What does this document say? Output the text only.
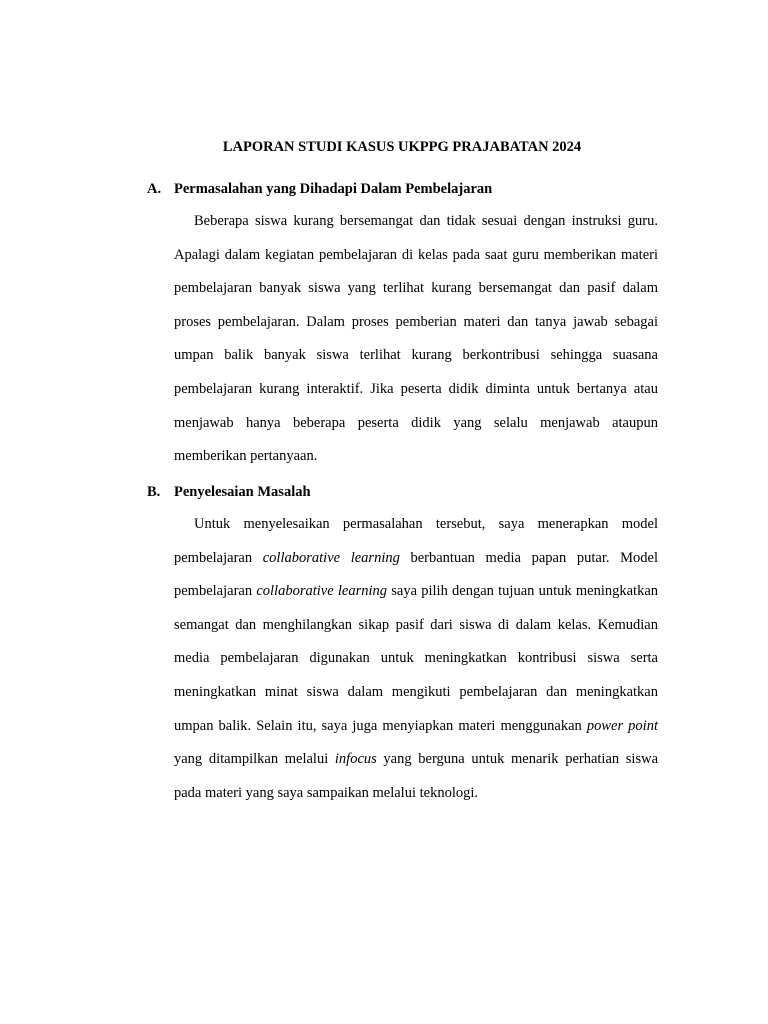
LAPORAN STUDI KASUS UKPPG PRAJABATAN 2024
A. Permasalahan yang Dihadapi Dalam Pembelajaran

Beberapa siswa kurang bersemangat dan tidak sesuai dengan instruksi guru. Apalagi dalam kegiatan pembelajaran di kelas pada saat guru memberikan materi pembelajaran banyak siswa yang terlihat kurang bersemangat dan pasif dalam proses pembelajaran. Dalam proses pemberian materi dan tanya jawab sebagai umpan balik banyak siswa terlihat kurang berkontribusi sehingga suasana pembelajaran kurang interaktif. Jika peserta didik diminta untuk bertanya atau menjawab hanya beberapa peserta didik yang selalu menjawab ataupun memberikan pertanyaan.

B. Penyelesaian Masalah

Untuk menyelesaikan permasalahan tersebut, saya menerapkan model pembelajaran collaborative learning berbantuan media papan putar. Model pembelajaran collaborative learning saya pilih dengan tujuan untuk meningkatkan semangat dan menghilangkan sikap pasif dari siswa di dalam kelas. Kemudian media pembelajaran digunakan untuk meningkatkan kontribusi siswa serta meningkatkan minat siswa dalam mengikuti pembelajaran dan meningkatkan umpan balik. Selain itu, saya juga menyiapkan materi menggunakan power point yang ditampilkan melalui infocus yang berguna untuk menarik perhatian siswa pada materi yang saya sampaikan melalui teknologi.
